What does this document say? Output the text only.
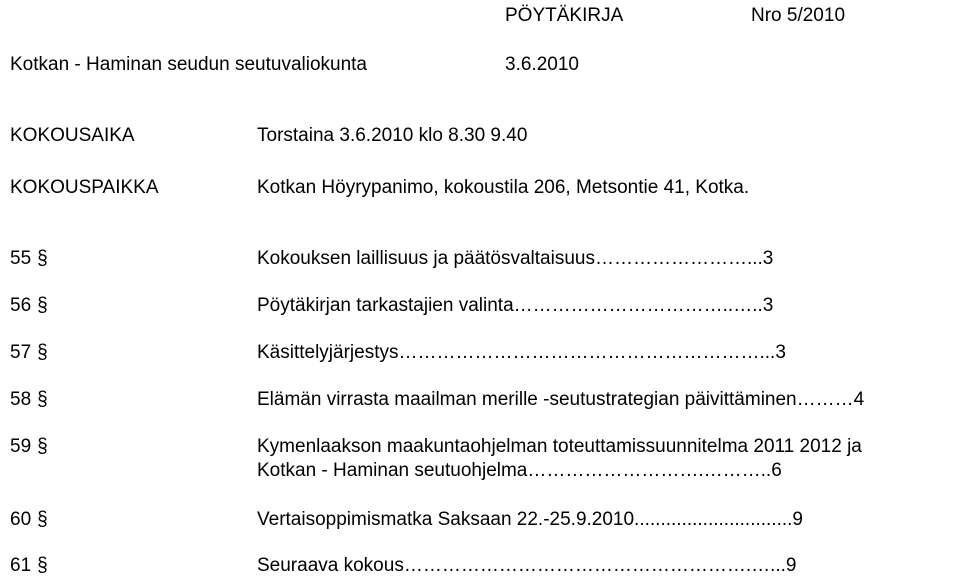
PÖYTÄKIRJA	Nro 5/2010
Kotkan - Haminan seudun seutuvaliokunta	3.6.2010
KOKOUSAIKA	Torstaina 3.6.2010 klo 8.30 9.40
KOKOUSPAIKKA	Kotkan Höyrypanimo, kokoustila 206, Metsontie 41, Kotka.
55 §	Kokouksen laillisuus ja päätösvaltaisuus……………………...3
56 §	Pöytäkirjan tarkastajien valinta……………………………..…..3
57 §	Käsittelyjärjestys…………………………………………………...3
58 §	Elämän virrasta maailman merille -seutustrategian päivittäminen………4
59 §	Kymenlaakson maakuntaohjelman toteuttamissuunnitelma 2011 2012 ja
Kotkan - Haminan seutuohjelma……………………….………..6
60 §	Vertaisoppimismatka Saksaan 22.-25.9.2010..............................9
61 §	Seuraava kokous……………………………………………….…...9
